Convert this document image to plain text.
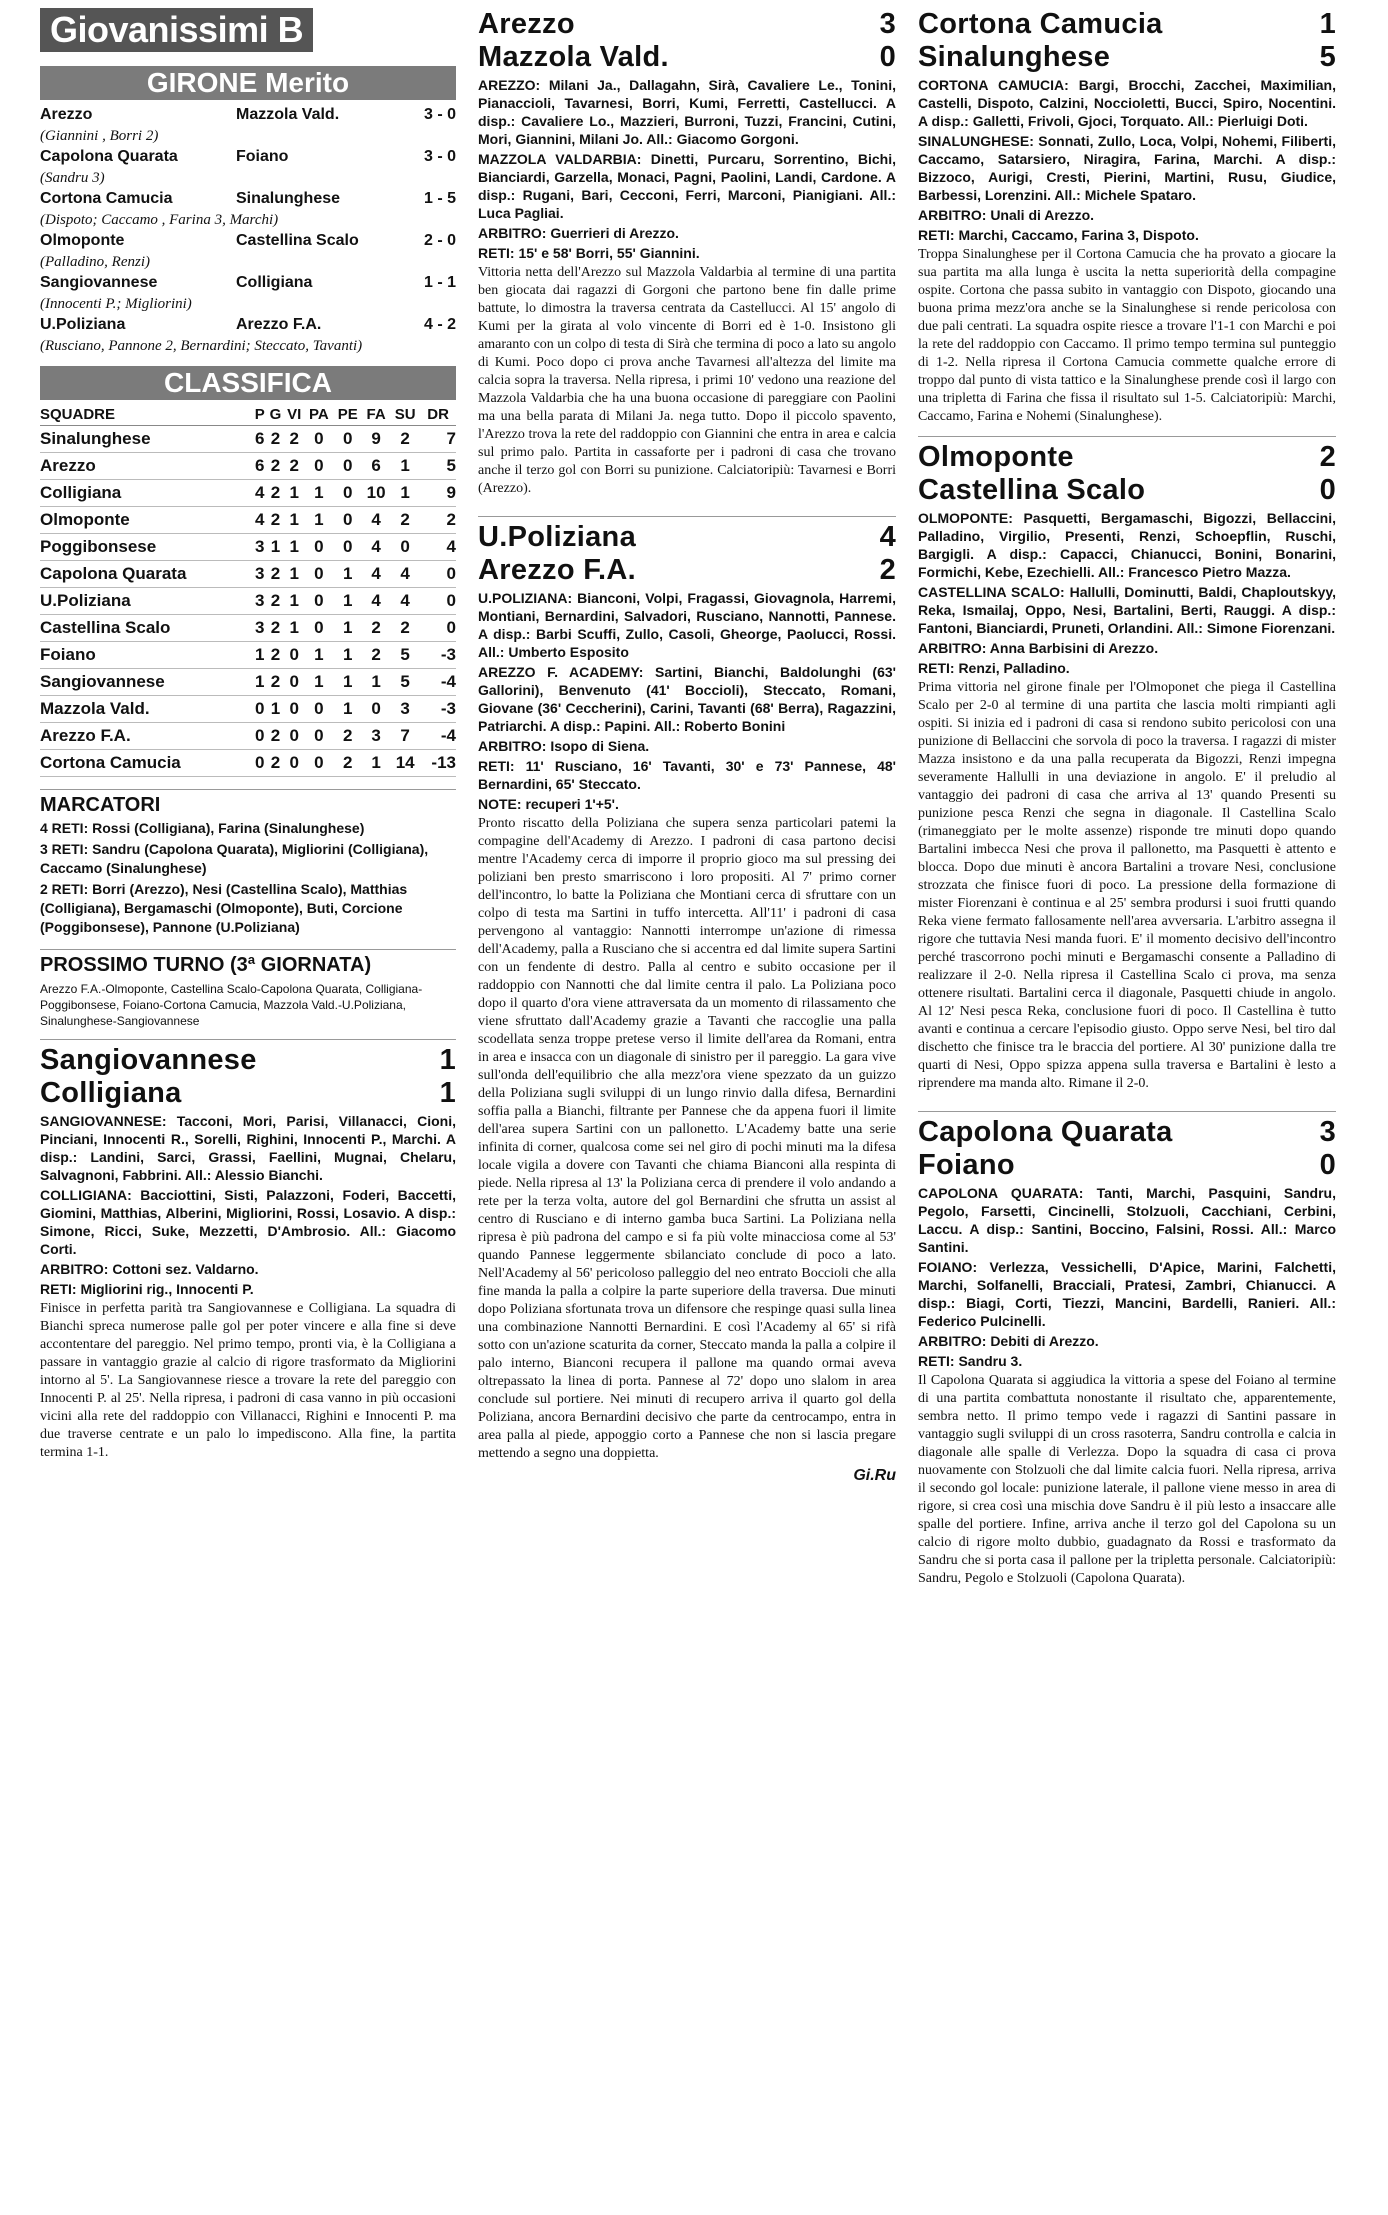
Giovanissimi B
GIRONE Merito
Arezzo	Mazzola Vald.	3 - 0
(Giannini , Borri 2)
Capolona Quarata	Foiano	3 - 0
(Sandru 3)
Cortona Camucia	Sinalunghese	1 - 5
(Dispoto; Caccamo , Farina 3, Marchi)
Olmoponte	Castellina Scalo	2 - 0
(Palladino, Renzi)
Sangiovannese	Colligiana	1 - 1
(Innocenti P.; Migliorini)
U.Poliziana	Arezzo F.A.	4 - 2
(Rusciano, Pannone 2, Bernardini; Steccato, Tavanti)
CLASSIFICA
SQUADRE	P	G	VI	PA	PE	FA	SU	DR
Sinalunghese	6	2	2	0	0	9	2	7
Arezzo	6	2	2	0	0	6	1	5
Colligiana	4	2	1	1	0	10	1	9
Olmoponte	4	2	1	1	0	4	2	2
Poggibonsese	3	1	1	0	0	4	0	4
Capolona Quarata	3	2	1	0	1	4	4	0
U.Poliziana	3	2	1	0	1	4	4	0
Castellina Scalo	3	2	1	0	1	2	2	0
Foiano	1	2	0	1	1	2	5	-3
Sangiovannese	1	2	0	1	1	1	5	-4
Mazzola Vald.	0	1	0	0	1	0	3	-3
Arezzo F.A.	0	2	0	0	2	3	7	-4
Cortona Camucia	0	2	0	0	2	1	14	-13
MARCATORI
4 RETI: Rossi (Colligiana), Farina (Sinalunghese)
3 RETI: Sandru (Capolona Quarata), Migliorini (Colligiana), Caccamo (Sinalunghese)
2 RETI: Borri (Arezzo), Nesi (Castellina Scalo), Matthias (Colligiana), Bergamaschi (Olmoponte), Buti, Corcione (Poggibonsese), Pannone (U.Poliziana)
PROSSIMO TURNO (3ª GIORNATA)
Arezzo F.A.-Olmoponte, Castellina Scalo-Capolona Quarata, Colligiana-Poggibonsese, Foiano-Cortona Camucia, Mazzola Vald.-U.Poliziana, Sinalunghese-Sangiovannese
Sangiovannese	1
Colligiana	1
SANGIOVANNESE: Tacconi, Mori, Parisi, Villanacci, Cioni, Pinciani, Innocenti R., Sorelli, Righini, Innocenti P., Marchi. A disp.: Landini, Sarci, Grassi, Faellini, Mugnai, Chelaru, Salvagnoni, Fabbrini. All.: Alessio Bianchi.
COLLIGIANA: Bacciottini, Sisti, Palazzoni, Foderi, Baccetti, Giomini, Matthias, Alberini, Migliorini, Rossi, Losavio. A disp.: Simone, Ricci, Suke, Mezzetti, D'Ambrosio. All.: Giacomo Corti.
ARBITRO: Cottoni sez. Valdarno.
RETI: Migliorini rig., Innocenti P.
Finisce in perfetta parità tra Sangiovannese e Colligiana. La squadra di Bianchi spreca numerose palle gol per poter vincere e alla fine si deve accontentare del pareggio. Nel primo tempo, pronti via, è la Colligiana a passare in vantaggio grazie al calcio di rigore trasformato da Migliorini intorno al 5'. La Sangiovannese riesce a trovare la rete del pareggio con Innocenti P. al 25'. Nella ripresa, i padroni di casa vanno in più occasioni vicini alla rete del raddoppio con Villanacci, Righini e Innocenti P. ma due traverse centrate e un palo lo impediscono. Alla fine, la partita termina 1-1.
Arezzo	3
Mazzola Vald.	0
AREZZO: Milani Ja., Dallagahn, Sirà, Cavaliere Le., Tonini, Pianaccioli, Tavarnesi, Borri, Kumi, Ferretti, Castellucci. A disp.: Cavaliere Lo., Mazzieri, Burroni, Tuzzi, Francini, Cutini, Mori, Giannini, Milani Jo. All.: Giacomo Gorgoni.
MAZZOLA VALDARBIA: Dinetti, Purcaru, Sorrentino, Bichi, Bianciardi, Garzella, Monaci, Pagni, Paolini, Landi, Cardone. A disp.: Rugani, Bari, Cecconi, Ferri, Marconi, Pianigiani. All.: Luca Pagliai.
ARBITRO: Guerrieri di Arezzo.
RETI: 15' e 58' Borri, 55' Giannini.
Vittoria netta dell'Arezzo sul Mazzola Valdarbia al termine di una partita ben giocata dai ragazzi di Gorgoni che partono bene fin dalle prime battute, lo dimostra la traversa centrata da Castellucci. Al 15' angolo di Kumi per la girata al volo vincente di Borri ed è 1-0. Insistono gli amaranto con un colpo di testa di Sirà che termina di poco a lato su angolo di Kumi. Poco dopo ci prova anche Tavarnesi all'altezza del limite ma calcia sopra la traversa. Nella ripresa, i primi 10' vedono una reazione del Mazzola Valdarbia che ha una buona occasione di pareggiare con Paolini ma una bella parata di Milani Ja. nega tutto. Dopo il piccolo spavento, l'Arezzo trova la rete del raddoppio con Giannini che entra in area e calcia sul primo palo. Partita in cassaforte per i padroni di casa che trovano anche il terzo gol con Borri su punizione. Calciatoripiù: Tavarnesi e Borri (Arezzo).
U.Poliziana	4
Arezzo F.A.	2
U.POLIZIANA: Bianconi, Volpi, Fragassi, Giovagnola, Harremi, Montiani, Bernardini, Salvadori, Rusciano, Nannotti, Pannese. A disp.: Barbi Scuffi, Zullo, Casoli, Gheorge, Paolucci, Rossi. All.: Umberto Esposito
AREZZO F. ACADEMY: Sartini, Bianchi, Baldolunghi (63' Gallorini), Benvenuto (41' Boccioli), Steccato, Romani, Giovane (36' Ceccherini), Carini, Tavanti (68' Berra), Ragazzini, Patriarchi. A disp.: Papini. All.: Roberto Bonini
ARBITRO: Isopo di Siena.
RETI: 11' Rusciano, 16' Tavanti, 30' e 73' Pannese, 48' Bernardini, 65' Steccato.
NOTE: recuperi 1'+5'.
Pronto riscatto della Poliziana che supera senza particolari patemi la compagine dell'Academy di Arezzo. I padroni di casa partono decisi mentre l'Academy cerca di imporre il proprio gioco ma sul pressing dei poliziani ben presto smarriscono i loro propositi. Al 7' primo corner dell'incontro, lo batte la Poliziana che Montiani cerca di sfruttare con un colpo di testa ma Sartini in tuffo intercetta. All'11' i padroni di casa pervengono al vantaggio: Nannotti interrompe un'azione di rimessa dell'Academy, palla a Rusciano che si accentra ed dal limite supera Sartini con un fendente di destro. Palla al centro e subito occasione per il raddoppio con Nannotti che dal limite centra il palo. La Poliziana poco dopo il quarto d'ora viene attraversata da un momento di rilassamento che viene sfruttato dall'Academy grazie a Tavanti che raccoglie una palla scodellata senza troppe pretese verso il limite dell'area da Romani, entra in area e insacca con un diagonale di sinistro per il pareggio. La gara vive sull'onda dell'equilibrio che alla mezz'ora viene spezzato da un guizzo della Poliziana sugli sviluppi di un lungo rinvio dalla difesa, Bernardini soffia palla a Bianchi, filtrante per Pannese che da appena fuori il limite dell'area supera Sartini con un pallonetto. L'Academy batte una serie infinita di corner, qualcosa come sei nel giro di pochi minuti ma la difesa locale vigila a dovere con Tavanti che chiama Bianconi alla respinta di piede. Nella ripresa al 13' la Poliziana cerca di prendere il volo andando a rete per la terza volta, autore del gol Bernardini che sfrutta un assist al centro di Rusciano e di interno gamba buca Sartini. La Poliziana nella ripresa è più padrona del campo e si fa più volte minacciosa come al 53' quando Pannese leggermente sbilanciato conclude di poco a lato. Nell'Academy al 56' pericoloso palleggio del neo entrato Boccioli che alla fine manda la palla a colpire la parte superiore della traversa. Due minuti dopo Poliziana sfortunata trova un difensore che respinge quasi sulla linea una combinazione Nannotti Bernardini. E così l'Academy al 65' si rifà sotto con un'azione scaturita da corner, Steccato manda la palla a colpire il palo interno, Bianconi recupera il pallone ma quando ormai aveva oltrepassato la linea di porta. Pannese al 72' dopo uno slalom in area conclude sul portiere. Nei minuti di recupero arriva il quarto gol della Poliziana, ancora Bernardini decisivo che parte da centrocampo, entra in area palla al piede, appoggio corto a Pannese che non si lascia pregare mettendo a segno una doppietta.
Gi.Ru
Cortona Camucia	1
Sinalunghese	5
CORTONA CAMUCIA: Bargi, Brocchi, Zacchei, Maximilian, Castelli, Dispoto, Calzini, Noccioletti, Bucci, Spiro, Nocentini. A disp.: Galletti, Frivoli, Gjoci, Torquato. All.: Pierluigi Doti.
SINALUNGHESE: Sonnati, Zullo, Loca, Volpi, Nohemi, Filiberti, Caccamo, Satarsiero, Niragira, Farina, Marchi. A disp.: Bizzoco, Aurigi, Cresti, Pierini, Martini, Rusu, Giudice, Barbessi, Lorenzini. All.: Michele Spataro.
ARBITRO: Unali di Arezzo.
RETI: Marchi, Caccamo, Farina 3, Dispoto.
Troppa Sinalunghese per il Cortona Camucia che ha provato a giocare la sua partita ma alla lunga è uscita la netta superiorità della compagine ospite. Cortona che passa subito in vantaggio con Dispoto, giocando una buona prima mezz'ora anche se la Sinalunghese si rende pericolosa con due pali centrati. La squadra ospite riesce a trovare l'1-1 con Marchi e poi la rete del raddoppio con Caccamo. Il primo tempo termina sul punteggio di 1-2. Nella ripresa il Cortona Camucia commette qualche errore di troppo dal punto di vista tattico e la Sinalunghese prende così il largo con una tripletta di Farina che fissa il risultato sul 1-5. Calciatoripiù: Marchi, Caccamo, Farina e Nohemi (Sinalunghese).
Olmoponte	2
Castellina Scalo	0
OLMOPONTE: Pasquetti, Bergamaschi, Bigozzi, Bellaccini, Palladino, Virgilio, Presenti, Renzi, Schoepflin, Ruschi, Bargigli. A disp.: Capacci, Chianucci, Bonini, Bonarini, Formichi, Kebe, Ezechielli. All.: Francesco Pietro Mazza.
CASTELLINA SCALO: Hallulli, Dominutti, Baldi, Chaploutskyy, Reka, Ismailaj, Oppo, Nesi, Bartalini, Berti, Rauggi. A disp.: Fantoni, Bianciardi, Pruneti, Orlandini. All.: Simone Fiorenzani.
ARBITRO: Anna Barbisini di Arezzo.
RETI: Renzi, Palladino.
Prima vittoria nel girone finale per l'Olmoponet che piega il Castellina Scalo per 2-0 al termine di una partita che lascia molti rimpianti agli ospiti. Si inizia ed i padroni di casa si rendono subito pericolosi con una punizione di Bellaccini che sorvola di poco la traversa. I ragazzi di mister Mazza insistono e da una palla recuperata da Bigozzi, Renzi impegna severamente Hallulli in una deviazione in angolo. E' il preludio al vantaggio dei padroni di casa che arriva al 13' quando Presenti su punizione pesca Renzi che segna in diagonale. Il Castellina Scalo (rimaneggiato per le molte assenze) risponde tre minuti dopo quando Bartalini imbecca Nesi che prova il pallonetto, ma Pasquetti è attento e blocca. Dopo due minuti è ancora Bartalini a trovare Nesi, conclusione strozzata che finisce fuori di poco. La pressione della formazione di mister Fiorenzani è continua e al 25' sembra prodursi i suoi frutti quando Reka viene fermato fallosamente nell'area avversaria. L'arbitro assegna il rigore che tuttavia Nesi manda fuori. E' il momento decisivo dell'incontro perché trascorrono pochi minuti e Bergamaschi consente a Palladino di realizzare il 2-0. Nella ripresa il Castellina Scalo ci prova, ma senza ottenere risultati. Bartalini cerca il diagonale, Pasquetti chiude in angolo. Al 12' Nesi pesca Reka, conclusione fuori di poco. Il Castellina è tutto avanti e continua a cercare l'episodio giusto. Oppo serve Nesi, bel tiro dal dischetto che finisce tra le braccia del portiere. Al 30' punizione dalla tre quarti di Nesi, Oppo spizza appena sulla traversa e Bartalini è lesto a riprendere ma manda alto. Rimane il 2-0.
Capolona Quarata	3
Foiano	0
CAPOLONA QUARATA: Tanti, Marchi, Pasquini, Sandru, Pegolo, Farsetti, Cincinelli, Stolzuoli, Cacchiani, Cerbini, Laccu. A disp.: Santini, Boccino, Falsini, Rossi. All.: Marco Santini.
FOIANO: Verlezza, Vessichelli, D'Apice, Marini, Falchetti, Marchi, Solfanelli, Bracciali, Pratesi, Zambri, Chianucci. A disp.: Biagi, Corti, Tiezzi, Mancini, Bardelli, Ranieri. All.: Federico Pulcinelli.
ARBITRO: Debiti di Arezzo.
RETI: Sandru 3.
Il Capolona Quarata si aggiudica la vittoria a spese del Foiano al termine di una partita combattuta nonostante il risultato che, apparentemente, sembra netto. Il primo tempo vede i ragazzi di Santini passare in vantaggio sugli sviluppi di un cross rasoterra, Sandru controlla e calcia in diagonale alle spalle di Verlezza. Dopo la squadra di casa ci prova nuovamente con Stolzuoli che dal limite calcia fuori. Nella ripresa, arriva il secondo gol locale: punizione laterale, il pallone viene messo in area di rigore, si crea così una mischia dove Sandru è il più lesto a insaccare alle spalle del portiere. Infine, arriva anche il terzo gol del Capolona su un calcio di rigore molto dubbio, guadagnato da Rossi e trasformato da Sandru che si porta casa il pallone per la tripletta personale. Calciatoripiù: Sandru, Pegolo e Stolzuoli (Capolona Quarata).
